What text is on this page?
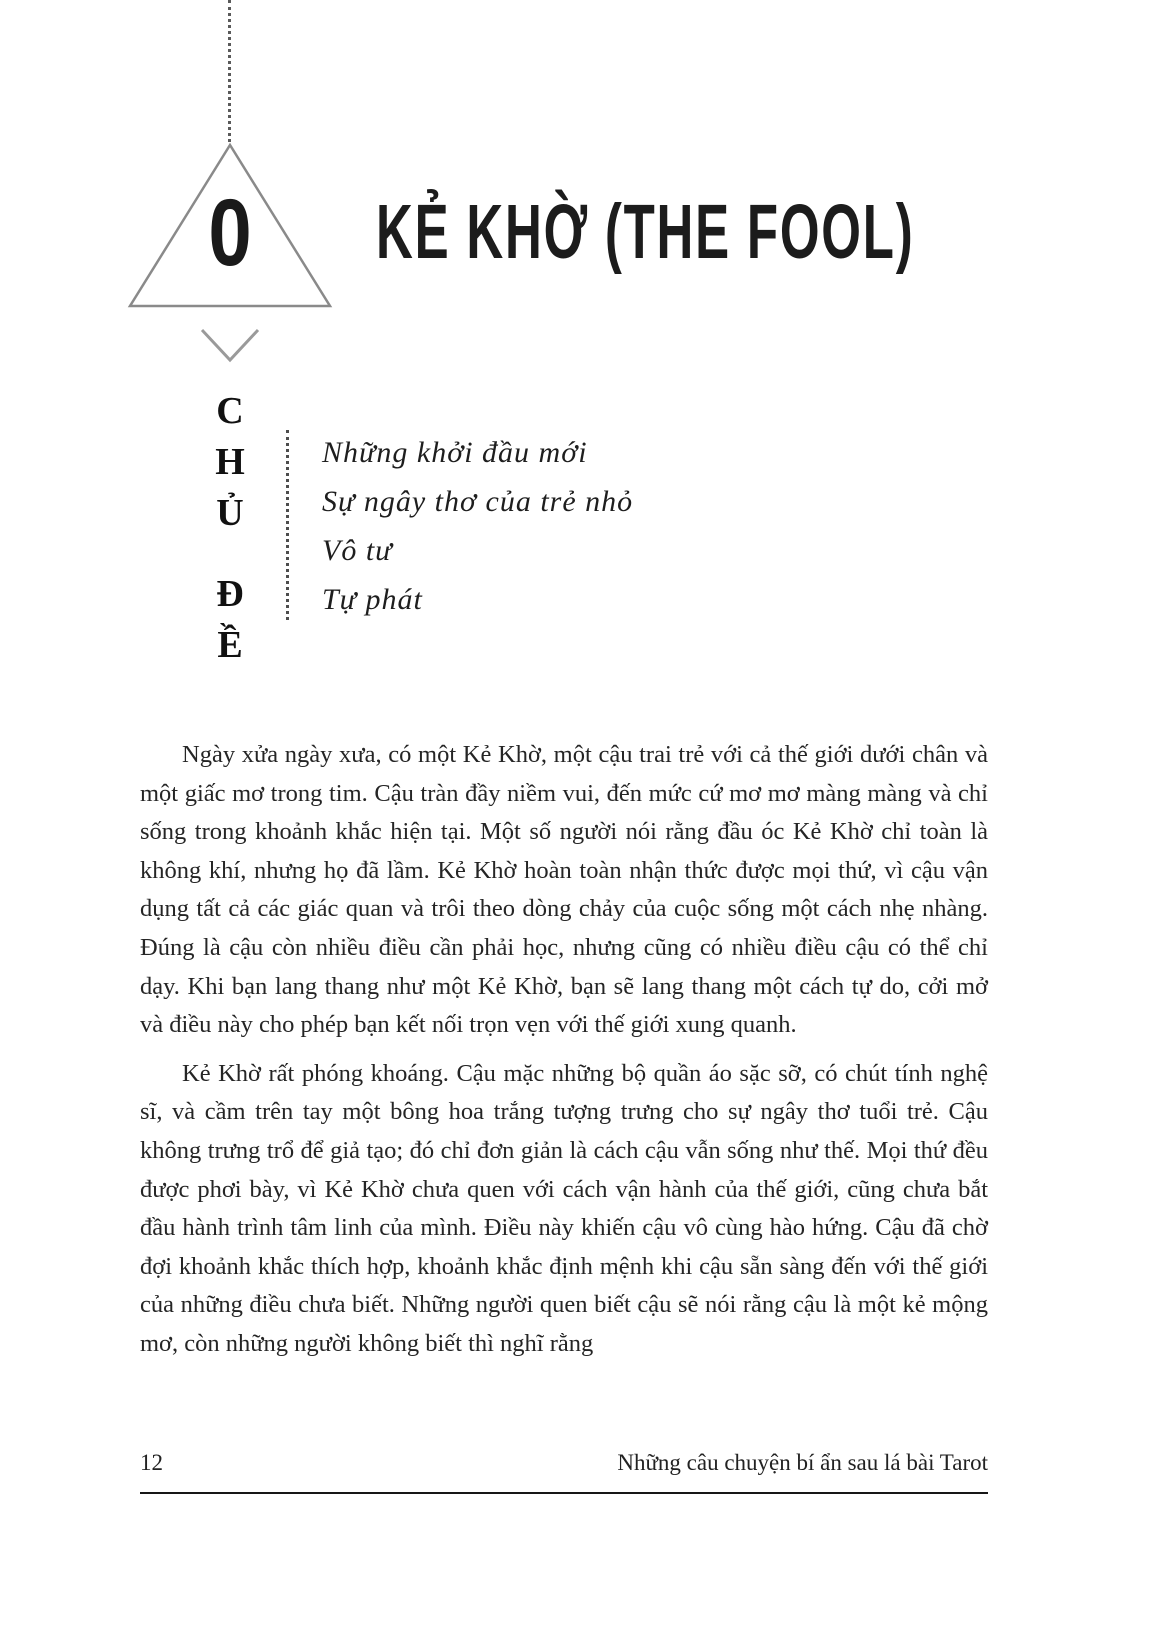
0	KẺ KHỜ (THE FOOL)
C
H
Ủ
Đ
Ề
Những khởi đầu mới
Sự ngây thơ của trẻ nhỏ
Vô tư
Tự phát

Ngày xửa ngày xưa, có một Kẻ Khờ, một cậu trai trẻ với cả thế giới dưới chân và một giấc mơ trong tim. Cậu tràn đầy niềm vui, đến mức cứ mơ mơ màng màng và chỉ sống trong khoảnh khắc hiện tại. Một số người nói rằng đầu óc Kẻ Khờ chỉ toàn là không khí, nhưng họ đã lầm. Kẻ Khờ hoàn toàn nhận thức được mọi thứ, vì cậu vận dụng tất cả các giác quan và trôi theo dòng chảy của cuộc sống một cách nhẹ nhàng. Đúng là cậu còn nhiều điều cần phải học, nhưng cũng có nhiều điều cậu có thể chỉ dạy. Khi bạn lang thang như một Kẻ Khờ, bạn sẽ lang thang một cách tự do, cởi mở và điều này cho phép bạn kết nối trọn vẹn với thế giới xung quanh.

Kẻ Khờ rất phóng khoáng. Cậu mặc những bộ quần áo sặc sỡ, có chút tính nghệ sĩ, và cầm trên tay một bông hoa trắng tượng trưng cho sự ngây thơ tuổi trẻ. Cậu không trưng trổ để giả tạo; đó chỉ đơn giản là cách cậu vẫn sống như thế. Mọi thứ đều được phơi bày, vì Kẻ Khờ chưa quen với cách vận hành của thế giới, cũng chưa bắt đầu hành trình tâm linh của mình. Điều này khiến cậu vô cùng hào hứng. Cậu đã chờ đợi khoảnh khắc thích hợp, khoảnh khắc định mệnh khi cậu sẵn sàng đến với thế giới của những điều chưa biết. Những người quen biết cậu sẽ nói rằng cậu là một kẻ mộng mơ, còn những người không biết thì nghĩ rằng

12	Những câu chuyện bí ẩn sau lá bài Tarot
